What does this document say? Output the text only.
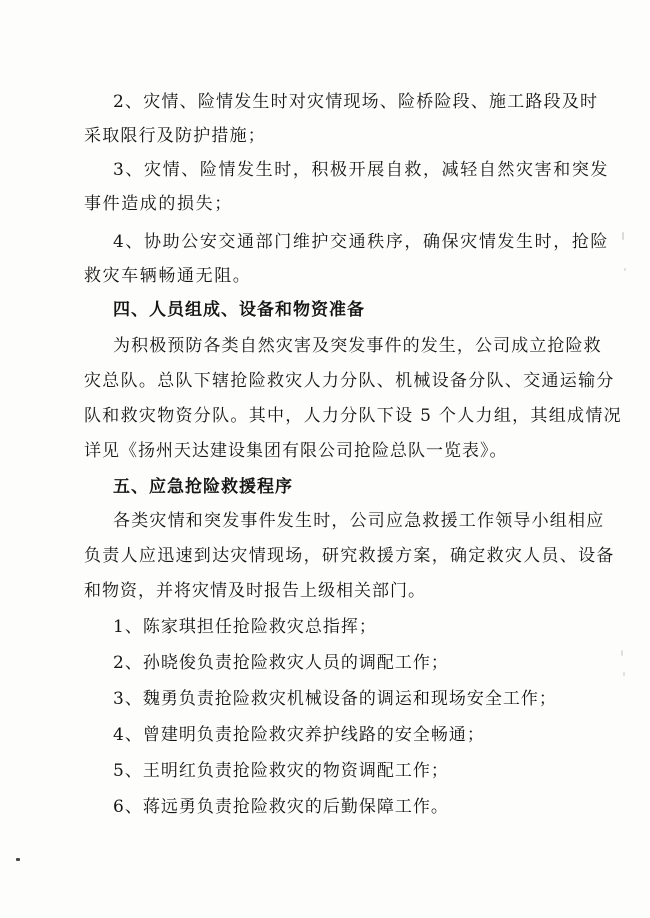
2、灾情、险情发生时对灾情现场、险桥险段、施工路段及时
采取限行及防护措施；
3、灾情、险情发生时，积极开展自救，减轻自然灾害和突发
事件造成的损失；
4、协助公安交通部门维护交通秩序，确保灾情发生时，抢险
救灾车辆畅通无阻。
四、人员组成、设备和物资准备
为积极预防各类自然灾害及突发事件的发生，公司成立抢险救
灾总队。总队下辖抢险救灾人力分队、机械设备分队、交通运输分
队和救灾物资分队。其中，人力分队下设 5 个人力组，其组成情况
详见《扬州天达建设集团有限公司抢险总队一览表》。
五、应急抢险救援程序
各类灾情和突发事件发生时，公司应急救援工作领导小组相应
负责人应迅速到达灾情现场，研究救援方案，确定救灾人员、设备
和物资，并将灾情及时报告上级相关部门。
1、陈家琪担任抢险救灾总指挥；
2、孙晓俊负责抢险救灾人员的调配工作；
3、魏勇负责抢险救灾机械设备的调运和现场安全工作；
4、曾建明负责抢险救灾养护线路的安全畅通；
5、王明红负责抢险救灾的物资调配工作；
6、蒋远勇负责抢险救灾的后勤保障工作。
